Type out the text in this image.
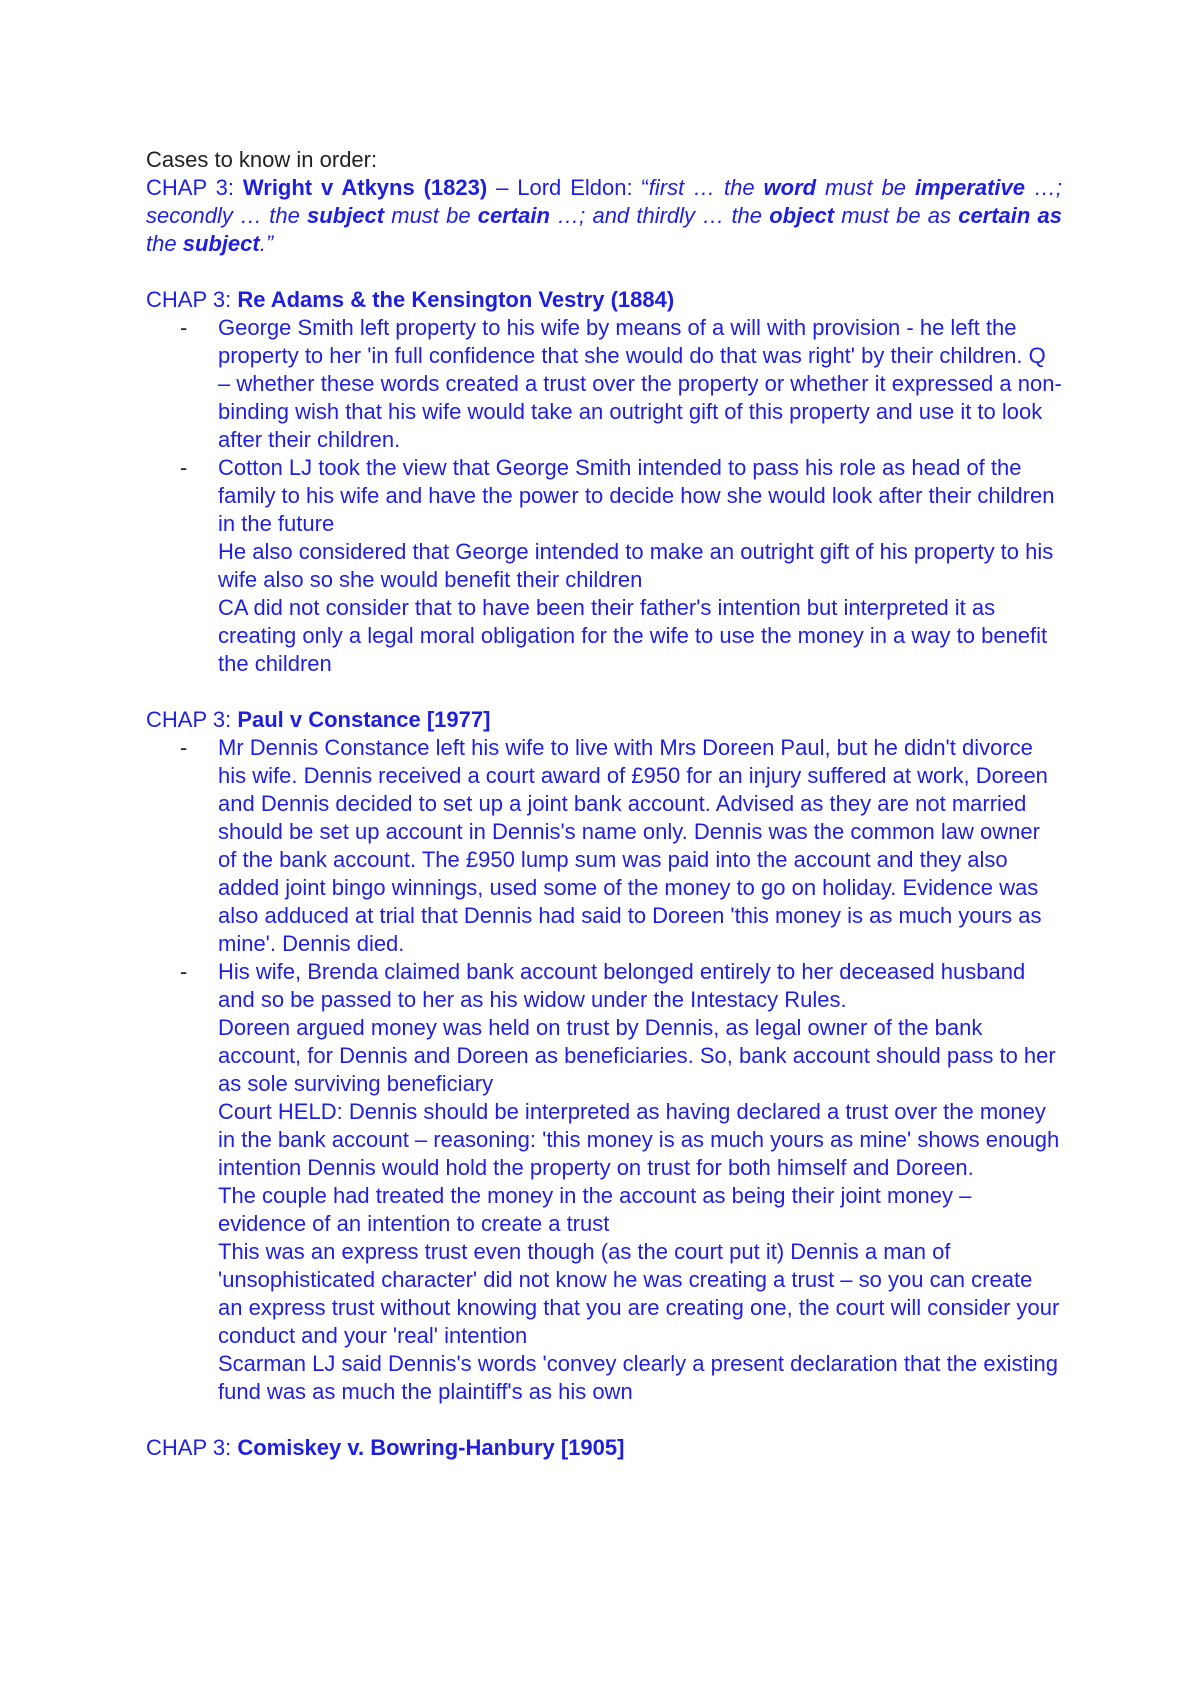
Cases to know in order:
CHAP 3: Wright v Atkyns (1823) – Lord Eldon: “first … the word must be imperative …; secondly … the subject must be certain …; and thirdly … the object must be as certain as the subject.”
CHAP 3: Re Adams & the Kensington Vestry (1884)
- George Smith left property to his wife by means of a will with provision - he left the property to her 'in full confidence that she would do that was right' by their children. Q – whether these words created a trust over the property or whether it expressed a non-binding wish that his wife would take an outright gift of this property and use it to look after their children.
- Cotton LJ took the view that George Smith intended to pass his role as head of the family to his wife and have the power to decide how she would look after their children in the future
He also considered that George intended to make an outright gift of his property to his wife also so she would benefit their children
CA did not consider that to have been their father's intention but interpreted it as creating only a legal moral obligation for the wife to use the money in a way to benefit the children
CHAP 3: Paul v Constance [1977]
- Mr Dennis Constance left his wife to live with Mrs Doreen Paul, but he didn't divorce his wife. Dennis received a court award of £950 for an injury suffered at work, Doreen and Dennis decided to set up a joint bank account. Advised as they are not married should be set up account in Dennis's name only. Dennis was the common law owner of the bank account. The £950 lump sum was paid into the account and they also added joint bingo winnings, used some of the money to go on holiday. Evidence was also adduced at trial that Dennis had said to Doreen 'this money is as much yours as mine'. Dennis died.
- His wife, Brenda claimed bank account belonged entirely to her deceased husband and so be passed to her as his widow under the Intestacy Rules.
Doreen argued money was held on trust by Dennis, as legal owner of the bank account, for Dennis and Doreen as beneficiaries. So, bank account should pass to her as sole surviving beneficiary
Court HELD: Dennis should be interpreted as having declared a trust over the money in the bank account – reasoning: 'this money is as much yours as mine' shows enough intention Dennis would hold the property on trust for both himself and Doreen.
The couple had treated the money in the account as being their joint money – evidence of an intention to create a trust
This was an express trust even though (as the court put it) Dennis a man of 'unsophisticated character' did not know he was creating a trust – so you can create an express trust without knowing that you are creating one, the court will consider your conduct and your 'real' intention
Scarman LJ said Dennis's words 'convey clearly a present declaration that the existing fund was as much the plaintiff's as his own
CHAP 3: Comiskey v. Bowring-Hanbury [1905]
